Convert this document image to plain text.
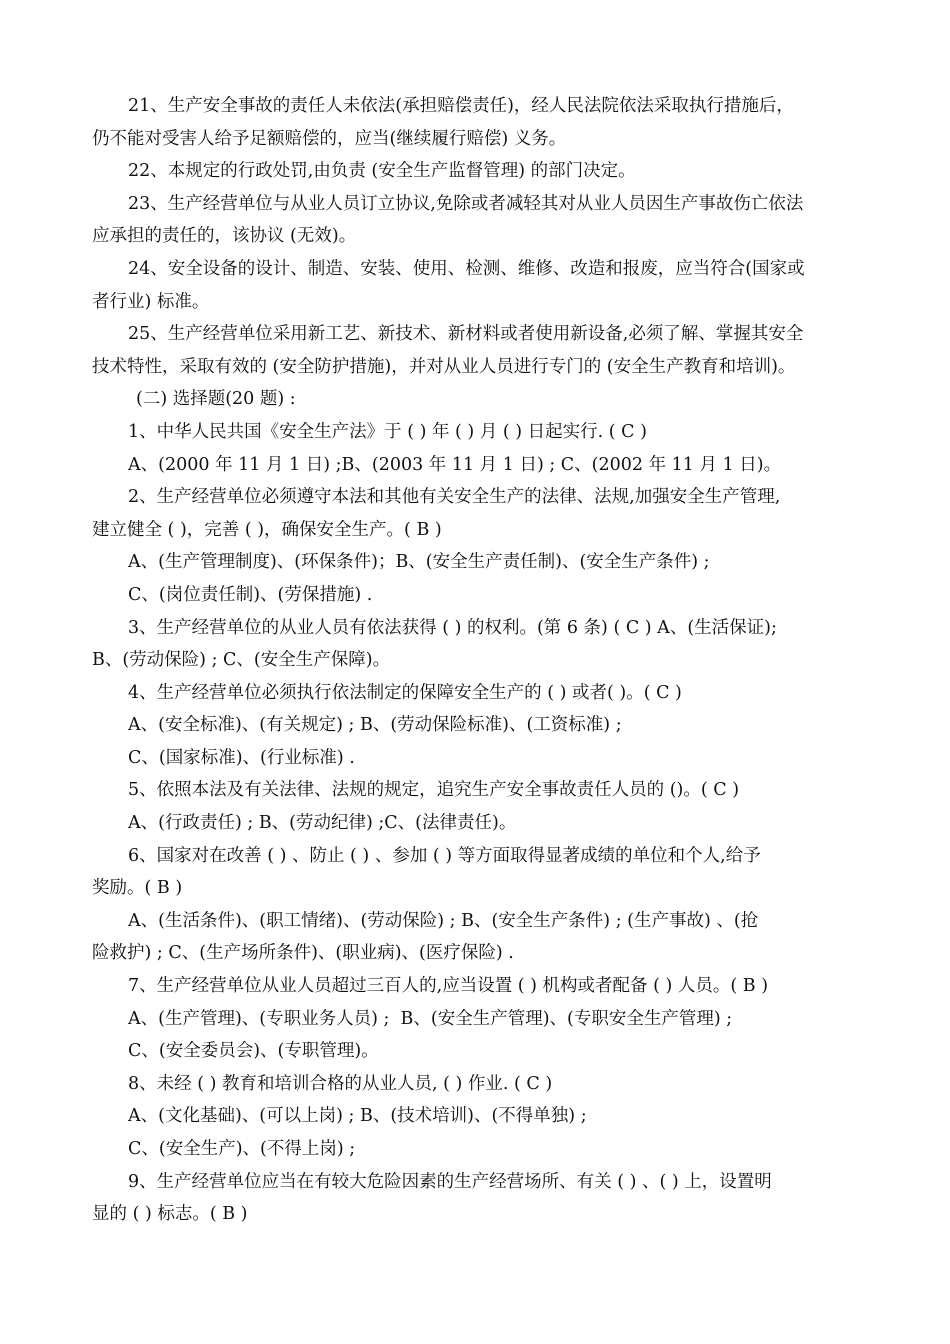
21、生产安全事故的责任人未依法(承担赔偿责任)，经人民法院依法采取执行措施后，
仍不能对受害人给予足额赔偿的，应当(继续履行赔偿) 义务。
22、本规定的行政处罚,由负责 (安全生产监督管理) 的部门决定。
23、生产经营单位与从业人员订立协议,免除或者减轻其对从业人员因生产事故伤亡依法
应承担的责任的，该协议 (无效)。
24、安全设备的设计、制造、安装、使用、检测、维修、改造和报废，应当符合(国家或
者行业) 标准。
25、生产经营单位采用新工艺、新技术、新材料或者使用新设备,必须了解、掌握其安全
技术特性，采取有效的 (安全防护措施)，并对从业人员进行专门的 (安全生产教育和培训)。
(二) 选择题(20 题) :
1、中华人民共国《安全生产法》于 ( ) 年 ( ) 月 ( ) 日起实行. ( C )
A、(2000 年 11 月 1 日) ;B、(2003 年 11 月 1 日) ; C、(2002 年 11 月 1 日)。
2、生产经营单位必须遵守本法和其他有关安全生产的法律、法规,加强安全生产管理,
建立健全 ( )，完善 ( )，确保安全生产。( B )
A、(生产管理制度)、(环保条件)；B、(安全生产责任制)、(安全生产条件) ;
C、(岗位责任制)、(劳保措施) .
3、生产经营单位的从业人员有依法获得 ( ) 的权利。(第 6 条) ( C ) A、(生活保证);
B、(劳动保险) ; C、(安全生产保障)。
4、生产经营单位必须执行依法制定的保障安全生产的 ( ) 或者( )。( C )
A、(安全标准)、(有关规定) ; B、(劳动保险标准)、(工资标准) ;
C、(国家标准)、(行业标准) .
5、依照本法及有关法律、法规的规定，追究生产安全事故责任人员的 ()。( C )
A、(行政责任) ; B、(劳动纪律) ;C、(法律责任)。
6、国家对在改善 ( ) 、防止 ( ) 、参加 ( ) 等方面取得显著成绩的单位和个人,给予
奖励。( B )
A、(生活条件)、(职工情绪)、(劳动保险) ; B、(安全生产条件) ; (生产事故) 、(抢
险救护) ; C、(生产场所条件)、(职业病)、(医疗保险) .
7、生产经营单位从业人员超过三百人的,应当设置 ( ) 机构或者配备 ( ) 人员。( B )
A、(生产管理)、(专职业务人员) ;  B、(安全生产管理)、(专职安全生产管理) ;
C、(安全委员会)、(专职管理)。
8、未经 ( ) 教育和培训合格的从业人员, ( ) 作业. ( C )
A、(文化基础)、(可以上岗) ; B、(技术培训)、(不得单独) ;
C、(安全生产)、(不得上岗) ;
9、生产经营单位应当在有较大危险因素的生产经营场所、有关 ( ) 、( ) 上，设置明
显的 ( ) 标志。( B )
